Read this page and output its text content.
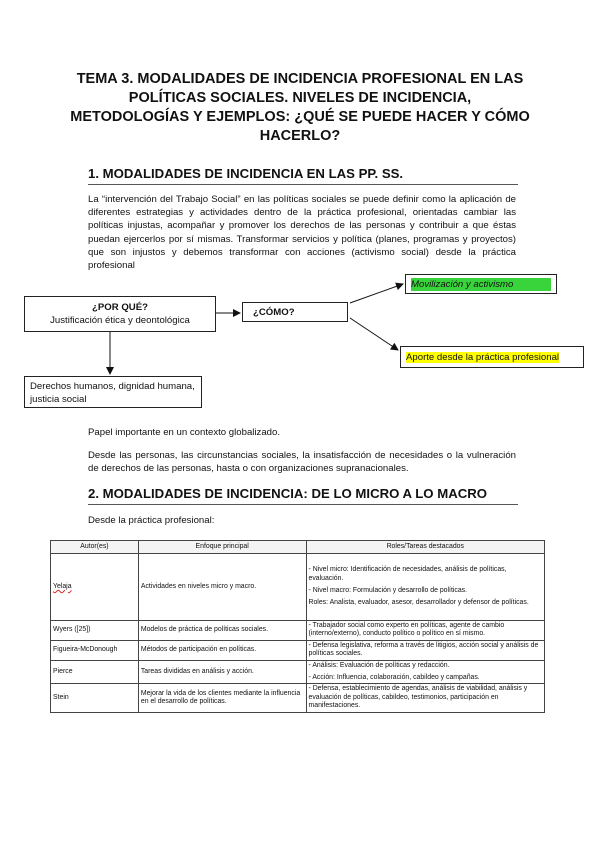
TEMA 3. MODALIDADES DE INCIDENCIA PROFESIONAL EN LAS POLÍTICAS SOCIALES. NIVELES DE INCIDENCIA, METODOLOGÍAS Y EJEMPLOS: ¿QUÉ SE PUEDE HACER Y CÓMO HACERLO?
1. MODALIDADES DE INCIDENCIA EN LAS PP. SS.
La “intervención del Trabajo Social” en las políticas sociales se puede definir como la aplicación de diferentes estrategias y actividades dentro de la práctica profesional, orientadas cambiar las políticas injustas, acompañar y promover los derechos de las personas y contribuir a que éstas puedan ejercerlos por sí mismas. Transformar servicios y política (planes, programas y proyectos) que son injustos y debemos transformar con acciones (activismo social) desde la práctica profesional
¿POR QUÉ?
Justificación ética y deontológica
¿CÓMO?
Movilización y activismo
Aporte desde la práctica profesional
Derechos humanos, dignidad humana, justicia social
Papel importante en un contexto globalizado.
Desde las personas, las circunstancias sociales, la insatisfacción de necesidades o la vulneración de derechos de las personas, hasta o con organizaciones supranacionales.
2. MODALIDADES DE INCIDENCIA: DE LO MICRO A LO MACRO
Desde la práctica profesional:
Autor(es)	Enfoque principal	Roles/Tareas destacados
Yelaja	Actividades en niveles micro y macro.	- Nivel micro: Identificación de necesidades, análisis de políticas, evaluación.
- Nivel macro: Formulación y desarrollo de políticas.
Roles: Analista, evaluador, asesor, desarrollador y defensor de políticas.

Wyers ([25])	Modelos de práctica de políticas sociales.	- Trabajador social como experto en políticas, agente de cambio (interno/externo), conducto político o político en sí mismo.
Figueira-McDonough	Métodos de participación en políticas.	- Defensa legislativa, reforma a través de litigios, acción social y análisis de políticas sociales.
Pierce	Tareas divididas en análisis y acción.	- Análisis: Evaluación de políticas y redacción.
- Acción: Influencia, colaboración, cabildeo y campañas.

Stein	Mejorar la vida de los clientes mediante la influencia en el desarrollo de políticas.	- Defensa, establecimiento de agendas, análisis de viabilidad, análisis y evaluación de políticas, cabildeo, testimonios, participación en manifestaciones.
